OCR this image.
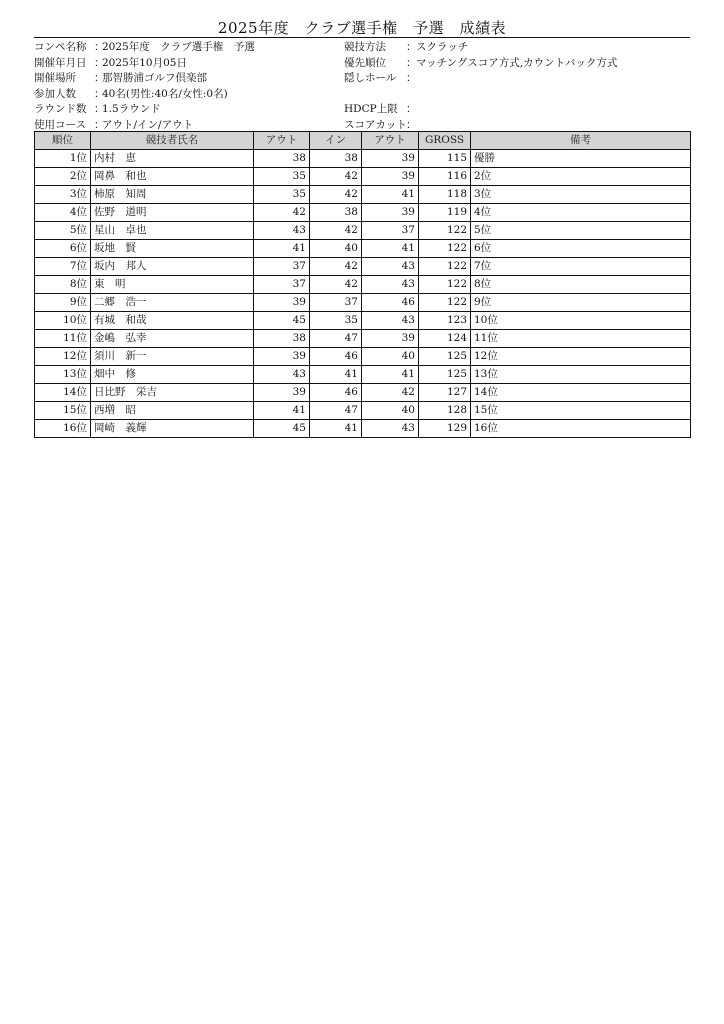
2025年度　クラブ選手権　予選　成績表
コンペ名称 ：
2025年度　クラブ選手権　予選
開催年月日 ：
2025年10月05日
開催場所	：
那智勝浦ゴルフ倶楽部
参加人数	：
40名(男性:40名/女性:0名)
ラウンド数 ：
1.5ラウンド
使用コース ：
アウト/イン/アウト
競技方法	： スクラッチ
優先順位	： マッチングスコア方式,カウントバック方式
隠しホール ：
HDCP上限 ：
スコアカット ：
順位	競技者氏名	アウト	イン	アウト	GROSS	備考
1位	内村　恵	38	38	39	115	優勝
2位	岡鼻　和也	35	42	39	116	2位
3位	柿原　知周	35	42	41	118	3位
4位	佐野　道明	42	38	39	119	4位
5位	星山　卓也	43	42	37	122	5位
6位	坂地　賢	41	40	41	122	6位
7位	坂内　邦人	37	42	43	122	7位
8位	東　明	37	42	43	122	8位
9位	二郷　浩一	39	37	46	122	9位
10位	有城　和哉	45	35	43	123	10位
11位	金嶋　弘幸	38	47	39	124	11位
12位	須川　新一	39	46	40	125	12位
13位	畑中　修	43	41	41	125	13位
14位	日比野　栄吉	39	46	42	127	14位
15位	西増　昭	41	47	40	128	15位
16位	岡崎　義輝	45	41	43	129	16位
